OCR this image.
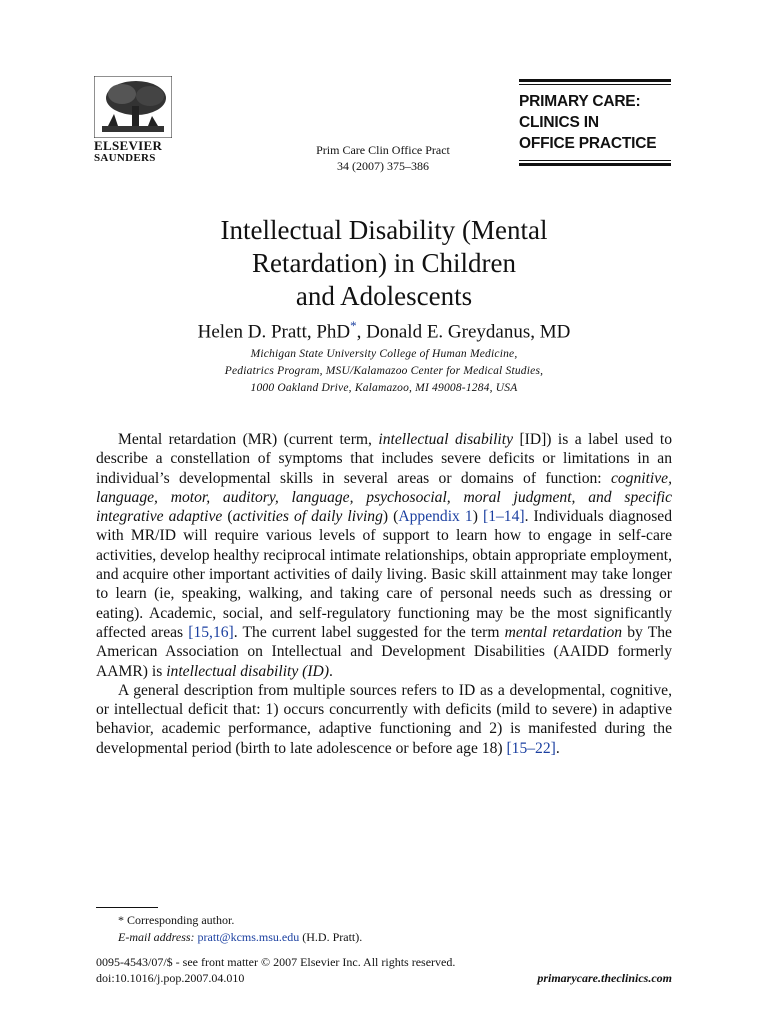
ELSEVIER
SAUNDERS
Prim Care Clin Office Pract
34 (2007) 375–386
PRIMARY CARE:
CLINICS IN
OFFICE PRACTICE
Intellectual Disability (Mental
Retardation) in Children
and Adolescents
Helen D. Pratt, PhD*, Donald E. Greydanus, MD
Michigan State University College of Human Medicine,
Pediatrics Program, MSU/Kalamazoo Center for Medical Studies,
1000 Oakland Drive, Kalamazoo, MI 49008-1284, USA

Mental retardation (MR) (current term, intellectual disability [ID]) is a label used to describe a constellation of symptoms that includes severe deficits or limitations in an individual’s developmental skills in several areas or domains of function: cognitive, language, motor, auditory, language, psychosocial, moral judgment, and specific integrative adaptive (activities of daily living) (Appendix 1) [1–14]. Individuals diagnosed with MR/ID will require various levels of support to learn how to engage in self-care activities, develop healthy reciprocal intimate relationships, obtain appropriate employment, and acquire other important activities of daily living. Basic skill attainment may take longer to learn (ie, speaking, walking, and taking care of personal needs such as dressing or eating). Academic, social, and self-regulatory functioning may be the most significantly affected areas [15,16]. The current label suggested for the term mental retardation by The American Association on Intellectual and Development Disabilities (AAIDD formerly AAMR) is intellectual disability (ID).

A general description from multiple sources refers to ID as a developmental, cognitive, or intellectual deficit that: 1) occurs concurrently with deficits (mild to severe) in adaptive behavior, academic performance, adaptive functioning and 2) is manifested during the developmental period (birth to late adolescence or before age 18) [15–22].

* Corresponding author.
E-mail address: pratt@kcms.msu.edu (H.D. Pratt).
0095-4543/07/$ - see front matter © 2007 Elsevier Inc. All rights reserved.
doi:10.1016/j.pop.2007.04.010	primarycare.theclinics.com
